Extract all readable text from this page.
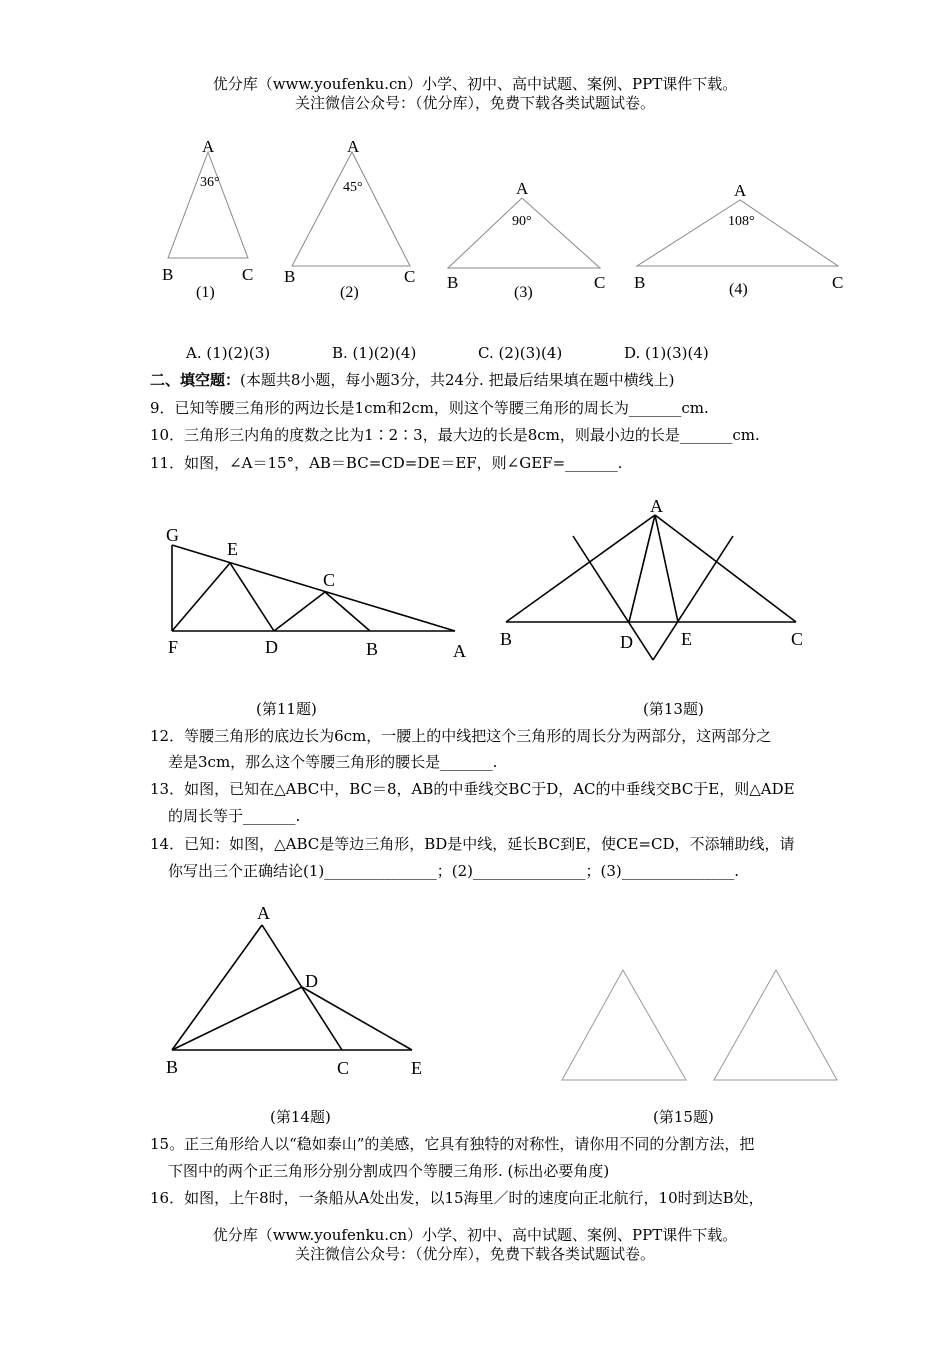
优分库（www.youfenku.cn）小学、初中、高中试题、案例、PPT课件下载。
关注微信公众号：（优分库），免费下载各类试题试卷。
A
36°
B	C
(1)
A
45°
B	C
(2)
A
90°
B	C
(3)
A
108°
B	C
(4)
A. (1)(2)(3)	B. (1)(2)(4)	C. (2)(3)(4)	D. (1)(3)(4)
二、填空题：(本题共8小题，每小题3分，共24分. 把最后结果填在题中横线上)
9．已知等腰三角形的两边长是1cm和2cm，则这个等腰三角形的周长为_______cm.
10．三角形三内角的度数之比为1∶2∶3，最大边的长是8cm，则最小边的长是_______cm.
11．如图，∠A＝15°，AB＝BC=CD=DE＝EF，则∠GEF=_______.
G
E
C
F	D	B	A
(第11题)
A
B	D	E	C
(第13题)
12．等腰三角形的底边长为6cm，一腰上的中线把这个三角形的周长分为两部分，这两部分之
差是3cm，那么这个等腰三角形的腰长是_______.
13．如图，已知在△ABC中，BC＝8，AB的中垂线交BC于D，AC的中垂线交BC于E，则△ADE
的周长等于_______.
14．已知：如图，△ABC是等边三角形，BD是中线，延长BC到E，使CE=CD，不添辅助线，请
你写出三个正确结论(1)_______________；(2)_______________；(3)_______________.
A
D
B	C	E
(第14题)	(第15题)
15。正三角形给人以“稳如泰山”的美感，它具有独特的对称性，请你用不同的分割方法，把
下图中的两个正三角形分别分割成四个等腰三角形. (标出必要角度)
16．如图，上午8时，一条船从A处出发，以15海里／时的速度向正北航行，10时到达B处，
优分库（www.youfenku.cn）小学、初中、高中试题、案例、PPT课件下载。
关注微信公众号：（优分库），免费下载各类试题试卷。
